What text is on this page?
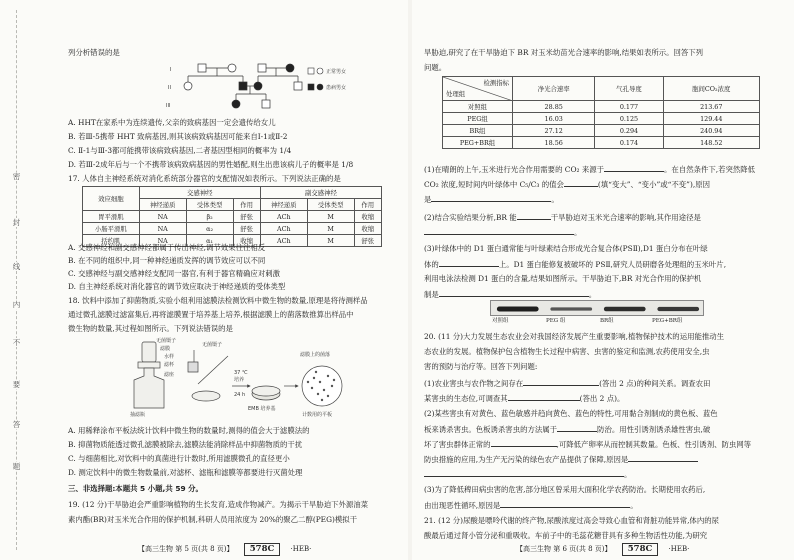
密
封
线
内
不
要
答
题
列分析错误的是
I
II
III
正常男女
患病男女
A. HHT在家系中为连续遗传,父亲的致病基因一定会遗传给女儿
B. 若Ⅲ-5携带 HHT 致病基因,则其该病致病基因可能来自Ⅰ-1或Ⅱ-2
C. Ⅱ-1与Ⅲ-3都可能携带该病致病基因,二者基因型相同的概率为 1/4
D. 若Ⅲ-2成年后与一个不携带该病致病基因的男性婚配,则生出患该病儿子的概率是 1/8
17. 人体自主神经系统对消化系统部分器官的支配情况如表所示。下列说法正确的是
效应细胞	交感神经			副交感神经		
	神经递质	受体类型	作用	神经递质	受体类型	作用
胃平滑肌	NA	β₂	舒张	ACh	M	收缩
小肠平滑肌	NA	α₂	舒张	ACh	M	收缩
括约肌	NA	α₁	收缩	ACh	M	舒张
A. 交感神经和副交感神经都属于传出神经,调节效果往往相反
B. 在不同的组织中,同一种神经递质发挥的调节效应可以不同
C. 交感神经与副交感神经支配同一器官,有利于器官精确应对刺激
D. 自主神经系统对消化器官的调节效应取决于神经递质的受体类型
18. 饮料中添加了抑菌物质,实验小组利用滤膜法检测饮料中微生物的数量,原理是将待测样品
通过微孔滤膜过滤富集后,再将滤膜置于培养基上培养,根据滤膜上的菌落数推算出样品中
微生物的数量,其过程如图所示。下列说法错误的是
无菌镊子
滤膜
水样
滤杯
无菌镊子
37 ℃
培养
24 h
滤膜上的菌落
滤座
EMB 培养基
计数用的平板
抽滤瓶
A. 用稀释涂布平板法统计饮料中微生物的数量时,测得的值会大于滤膜法的
B. 抑菌物质能透过微孔滤膜被除去,滤膜法能消除样品中抑菌物质的干扰
C. 与细菌相比,对饮料中的真菌进行计数时,所用滤膜微孔的直径更小
D. 测定饮料中的微生物数量前,对滤杯、滤瓶和滤膜等都要进行灭菌处理
三、非选择题:本题共 5 小题,共 59 分。
19. (12 分)干旱胁迫会严重影响植物的生长发育,造成作物减产。为揭示干旱胁迫下外源油菜
素内酯(BR)对玉米光合作用的保护机制,科研人员用浓度为 20%的聚乙二醇(PEG)模拟干
【高三生物 第 5 页(共 8 页)】 578C ·HEB·
旱胁迫,研究了在干旱胁迫下 BR 对玉米幼苗光合速率的影响,结果如表所示。回答下列
问题。
检测指标
处理组	净光合速率	气孔导度	胞间CO₂浓度
对照组	28.85	0.177	213.67
PEG组	16.03	0.125	129.44
BR组	27.12	0.294	240.94
PEG+BR组	18.56	0.174	148.52
(1)在晴朗的上午,玉米进行光合作用需要的 CO₂ 来源于	。在自然条件下,若突然降低
CO₂ 浓度,短时间内叶绿体中 C₅/C₃ 的值会	(填“变大”、“变小”或“不变”),原因
是	。
(2)结合实验结果分析,BR 能	干旱胁迫对玉米光合速率的影响,其作用途径是
。
(3)叶绿体中的 D1 蛋白通常能与叶绿素结合形成光合复合体(PSⅡ),D1 蛋白分布在叶绿
体的	上。D1 蛋白能修复被破坏的 PSⅡ,研究人员研磨各处理组的玉米叶片,
利用电泳法检测 D1 蛋白的含量,结果如图所示。干旱胁迫下,BR 对光合作用的保护机
制是	。
对照组	PEG 组	BR组	PEG+BR组
20. (11 分)大力发展生态农业会对我国经济发展产生重要影响,植物保护技术的运用能推动生
态农业的发展。植物保护包含植物生长过程中病害、虫害的鉴定和监测,农药使用安全,虫
害的预防与治疗等。回答下列问题:
(1)农业害虫与农作物之间存在	(答出 2 点)的种间关系。调查农田
某害虫的生态位,可调查其	(答出 2 点)。
(2)某些害虫有对黄色、蓝色敏感并趋向黄色、蓝色的特性,可用黏合剂制成的黄色板、蓝色
板来诱杀害虫。色板诱杀害虫的方法属于	防治。用性引诱剂诱杀雄性害虫,破
坏了害虫群体正常的	,可降低产卵率从而控制其数量。色板、性引诱剂、防虫网等
防虫措施的应用,为生产无污染的绿色农产品提供了保障,原因是
。
(3)为了降低稗田病虫害的危害,部分地区曾采用大面积化学农药防治。长期使用农药后,
由出现恶性循环,原因是	。
21. (12 分)尿酸是嘌呤代谢的终产物,尿酸浓度过高会导致心血管和肾脏功能异常,体内的尿
酸最后通过肾小管分泌和重吸收。车前子中的毛蕊花糖苷具有多种生物活性功能,为研究
【高三生物 第 6 页(共 8 页)】 578C ·HEB·
